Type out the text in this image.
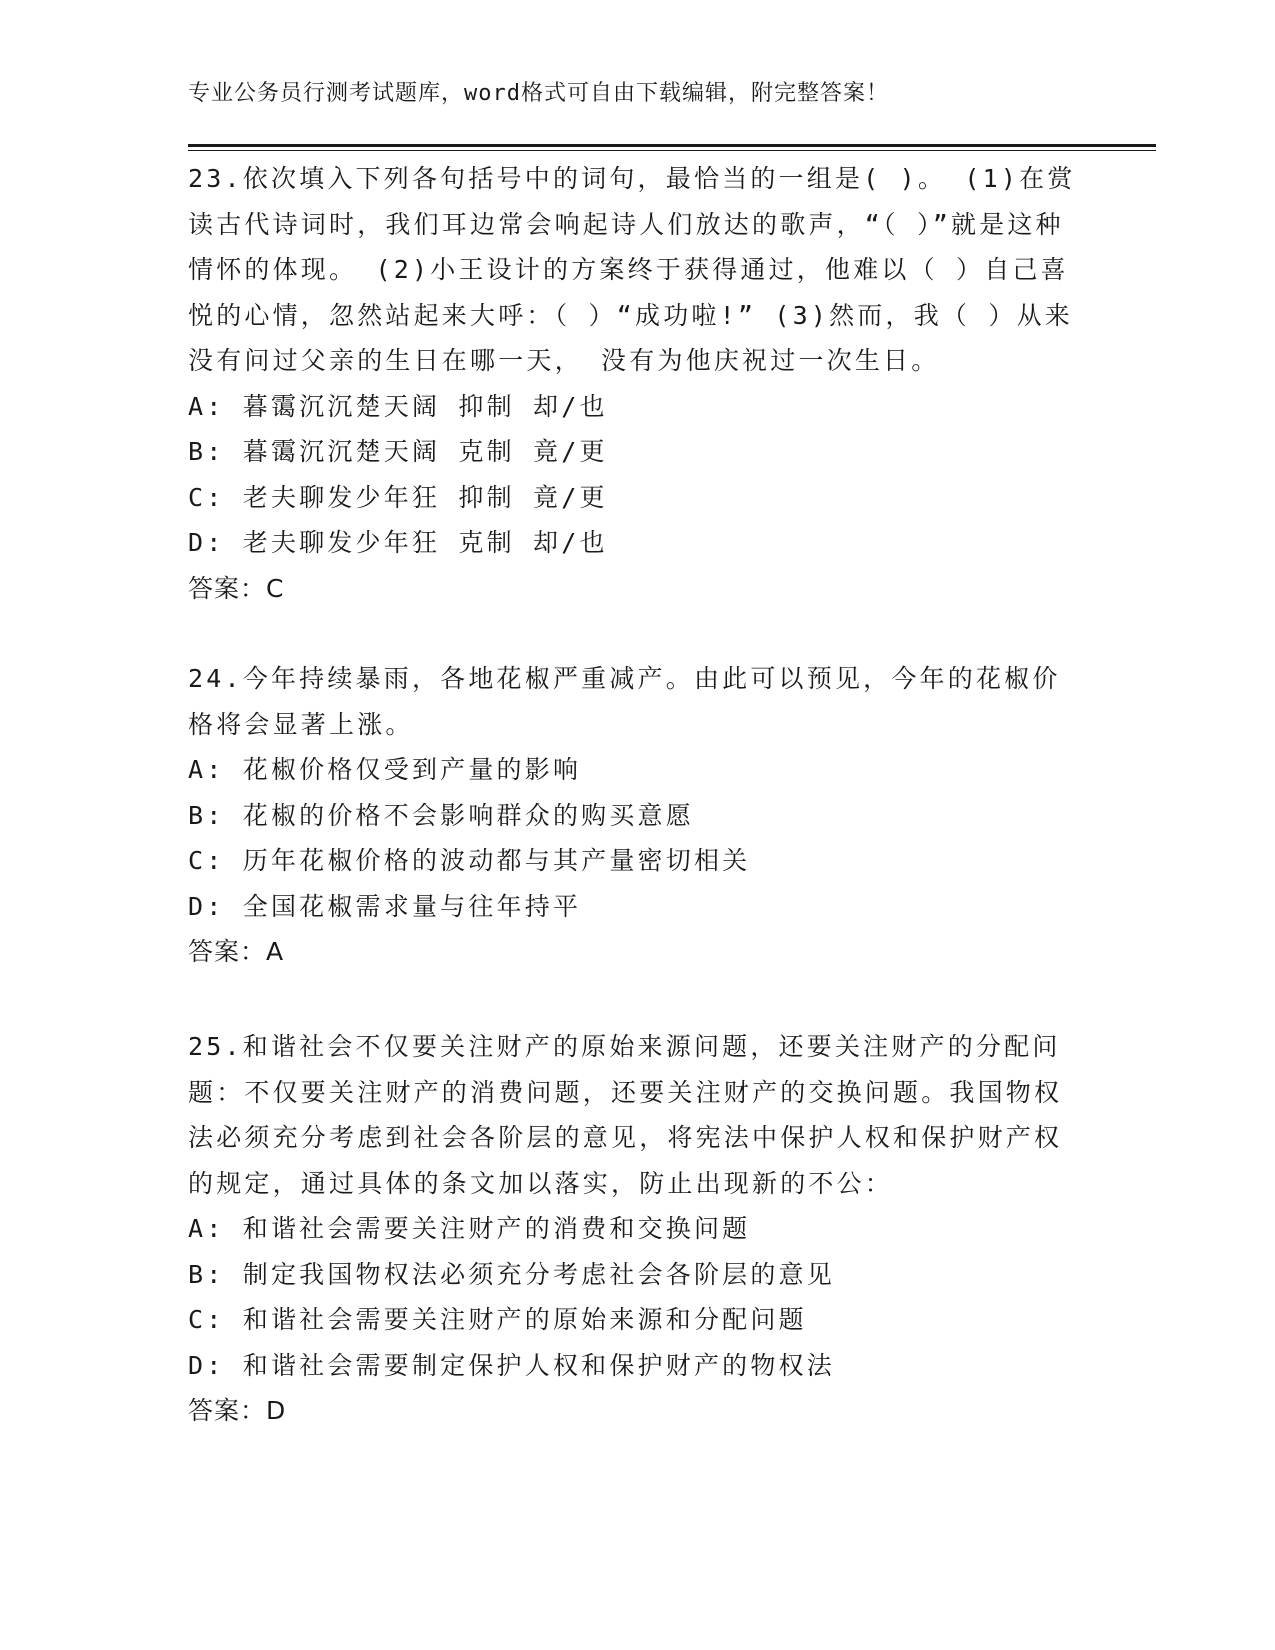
专业公务员行测考试题库，word格式可自由下载编辑，附完整答案！
23.依次填入下列各句括号中的词句，最恰当的一组是( )。 (1)在赏读古代诗词时，我们耳边常会响起诗人们放达的歌声，“（ ）”就是这种情怀的体现。 (2)小王设计的方案终于获得通过，他难以（ ）自己喜悦的心情，忽然站起来大呼：（ ）“成功啦!” (3)然而，我（ ）从来没有问过父亲的生日在哪一天， 没有为他庆祝过一次生日。
A: 暮霭沉沉楚天阔 抑制 却/也
B: 暮霭沉沉楚天阔 克制 竟/更
C: 老夫聊发少年狂 抑制 竟/更
D: 老夫聊发少年狂 克制 却/也
答案：C
24.今年持续暴雨，各地花椒严重减产。由此可以预见，今年的花椒价格将会显著上涨。
A: 花椒价格仅受到产量的影响
B: 花椒的价格不会影响群众的购买意愿
C: 历年花椒价格的波动都与其产量密切相关
D: 全国花椒需求量与往年持平
答案：A
25.和谐社会不仅要关注财产的原始来源问题，还要关注财产的分配问题：不仅要关注财产的消费问题，还要关注财产的交换问题。我国物权法必须充分考虑到社会各阶层的意见，将宪法中保护人权和保护财产权的规定，通过具体的条文加以落实，防止出现新的不公：
A: 和谐社会需要关注财产的消费和交换问题
B: 制定我国物权法必须充分考虑社会各阶层的意见
C: 和谐社会需要关注财产的原始来源和分配问题
D: 和谐社会需要制定保护人权和保护财产的物权法
答案：D
